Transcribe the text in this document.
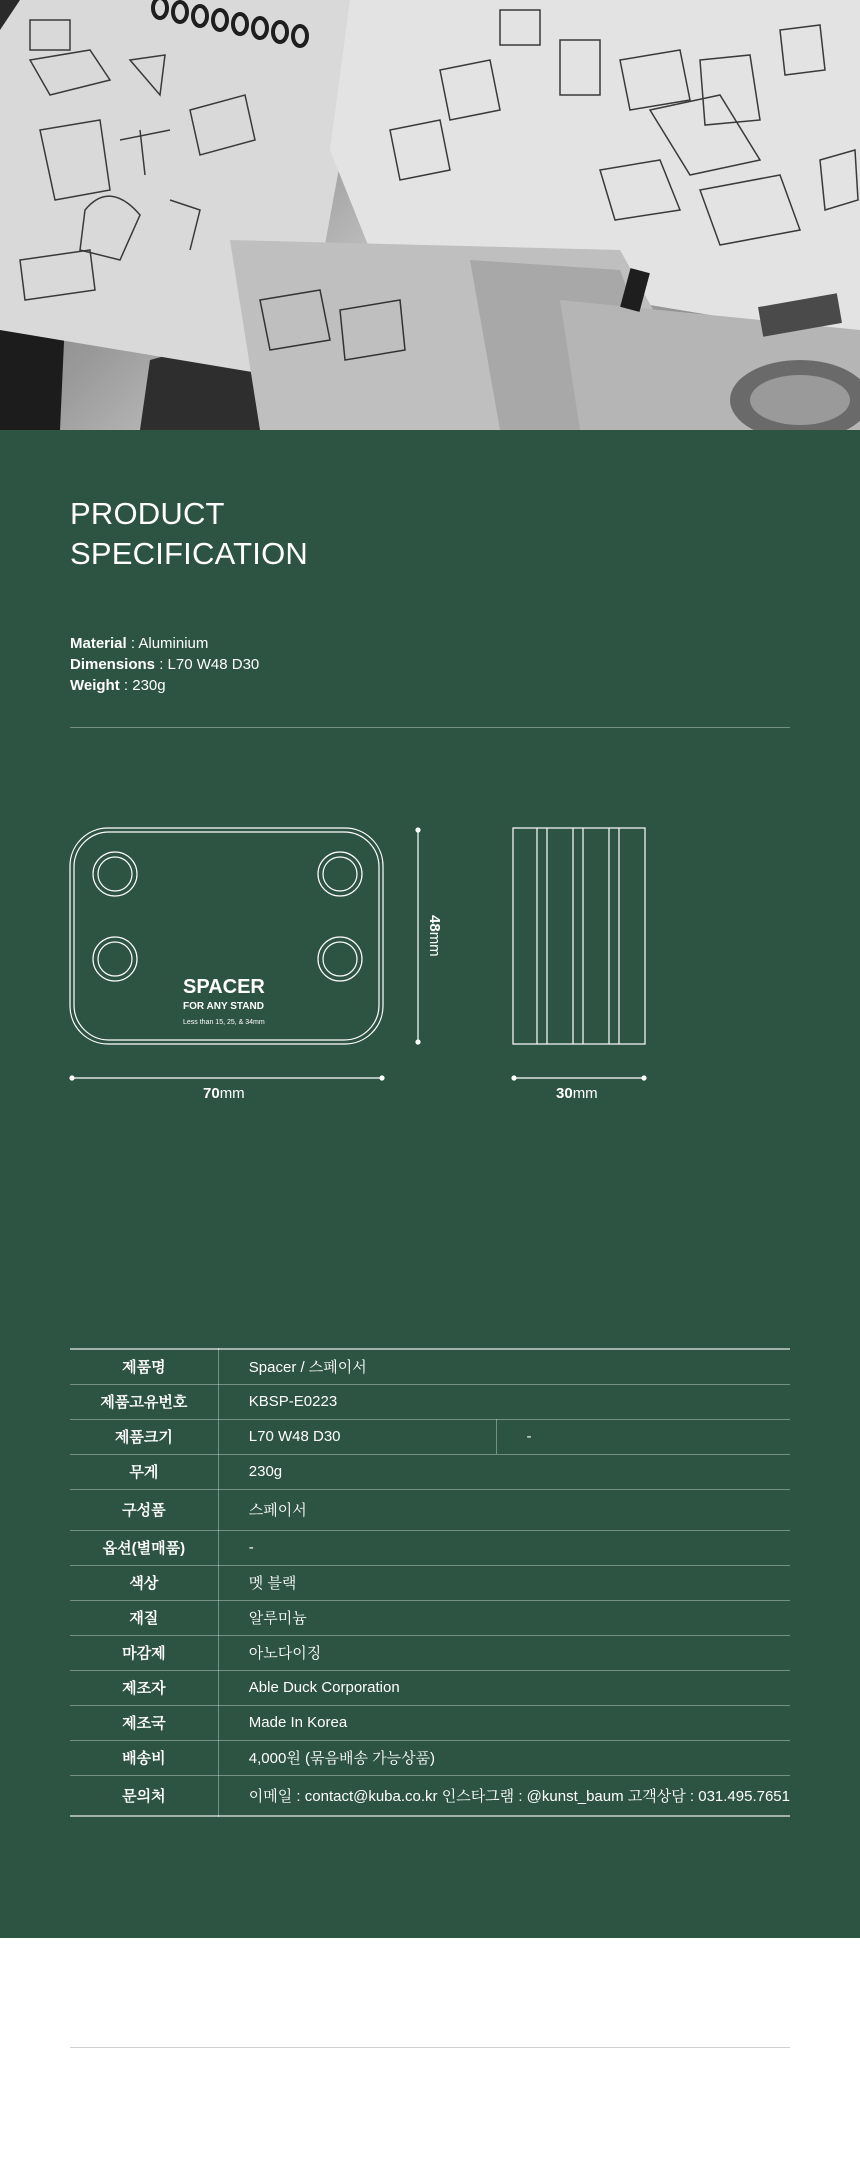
PRODUCT
SPECIFICATION
Material : Aluminium
Dimensions : L70 W48 D30
Weight : 230g
SPACER
FOR ANY STAND
Less than 15, 25, & 34mm
70mm
48mm
30mm
제품명	Spacer / 스페이서	
제품고유번호	KBSP-E0223	
제품크기	L70 W48 D30	-
무게	230g	
구성품	스페이서	
옵션(별매품)	-	
색상	멧 블랙	
재질	알루미늄	
마감제	아노다이징	
제조자	Able Duck Corporation	
제조국	Made In Korea	
배송비	4,000원 (묶음배송 가능상품)	
문의처	이메일 : contact@kuba.co.kr 인스타그램 : @kunst_baum 고객상담 : 031.495.7651	
